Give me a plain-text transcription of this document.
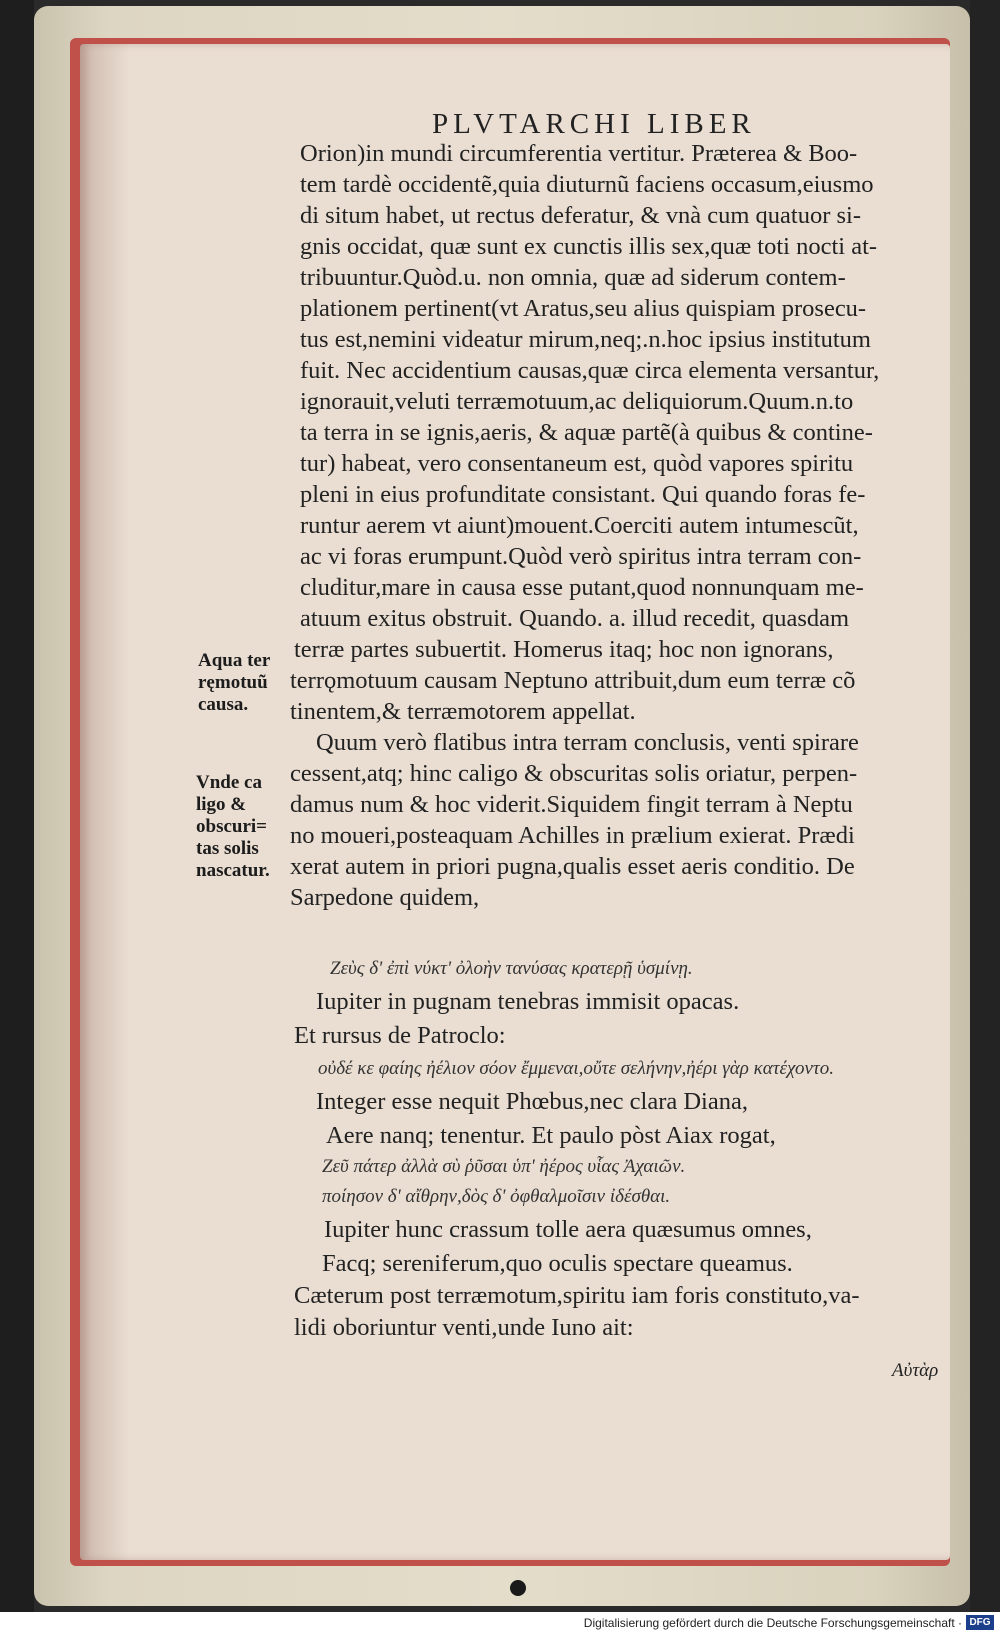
PLVTARCHI LIBER
Orion)in mundi circumferentia vertitur. Præterea & Boo-
tem tardè occidentẽ,quia diuturnũ faciens occasum,eiusmo
di situm habet, ut rectus deferatur, & vnà cum quatuor si-
gnis occidat, quæ sunt ex cunctis illis sex,quæ toti nocti at-
tribuuntur.Quòd.u. non omnia, quæ ad siderum contem-
plationem pertinent(vt Aratus,seu alius quispiam prosecu-
tus est,nemini videatur mirum,neq;.n.hoc ipsius institutum
fuit. Nec accidentium causas,quæ circa elementa versantur,
ignorauit,veluti terræmotuum,ac deliquiorum.Quum.n.to
ta terra in se ignis,aeris, & aquæ partẽ(à quibus & contine-
tur) habeat, vero consentaneum est, quòd vapores spiritu
pleni in eius profunditate consistant. Qui quando foras fe-
runtur aerem vt aiunt)mouent.Coerciti autem intumescũt,
ac vi foras erumpunt.Quòd verò spiritus intra terram con-
cluditur,mare in causa esse putant,quod nonnunquam me-
atuum exitus obstruit. Quando. a. illud recedit, quasdam
terræ partes subuertit. Homerus itaq; hoc non ignorans,
terrǫmotuum causam Neptuno attribuit,dum eum terræ cõ
tinentem,& terræmotorem appellat.
Quum verò flatibus intra terram conclusis, venti spirare
cessent,atq; hinc caligo & obscuritas solis oriatur, perpen-
damus num & hoc viderit.Siquidem fingit terram à Neptu
no moueri,posteaquam Achilles in prælium exierat. Prædi
xerat autem in priori pugna,qualis esset aeris conditio. De
Sarpedone quidem,
Aqua ter
ręmotuũ
causa.
Vnde ca
ligo &
obscuri=
tas solis
nascatur.
Ζεὺς δ' ἐπὶ νύκτ' ὀλοὴν τανύσας κρατερῇ ὑσμίνῃ.
Iupiter in pugnam tenebras immisit opacas.
Et rursus de Patroclo:
οὐδέ κε φαίης ἠέλιον σόον ἔμμεναι,οὔτε σελήνην,ἠέρι γὰρ κατέχοντο.
Integer esse nequit Phœbus,nec clara Diana,
Aere nanq; tenentur. Et paulo pòst Aiax rogat,
Ζεῦ πάτερ ἀλλὰ σὺ ῥῦσαι ὑπ' ἠέρος υἷας Ἀχαιῶν.
ποίησον δ' αἴθρην,δὸς δ' ὀφθαλμοῖσιν ἰδέσθαι.
Iupiter hunc crassum tolle aera quæsumus omnes,
Facq; sereniferum,quo oculis spectare queamus.
Cæterum post terræmotum,spiritu iam foris constituto,va-
lidi oboriuntur venti,unde Iuno ait:
Αὐτὰρ
Digitalisierung gefördert durch die Deutsche Forschungsgemeinschaft · DFG
